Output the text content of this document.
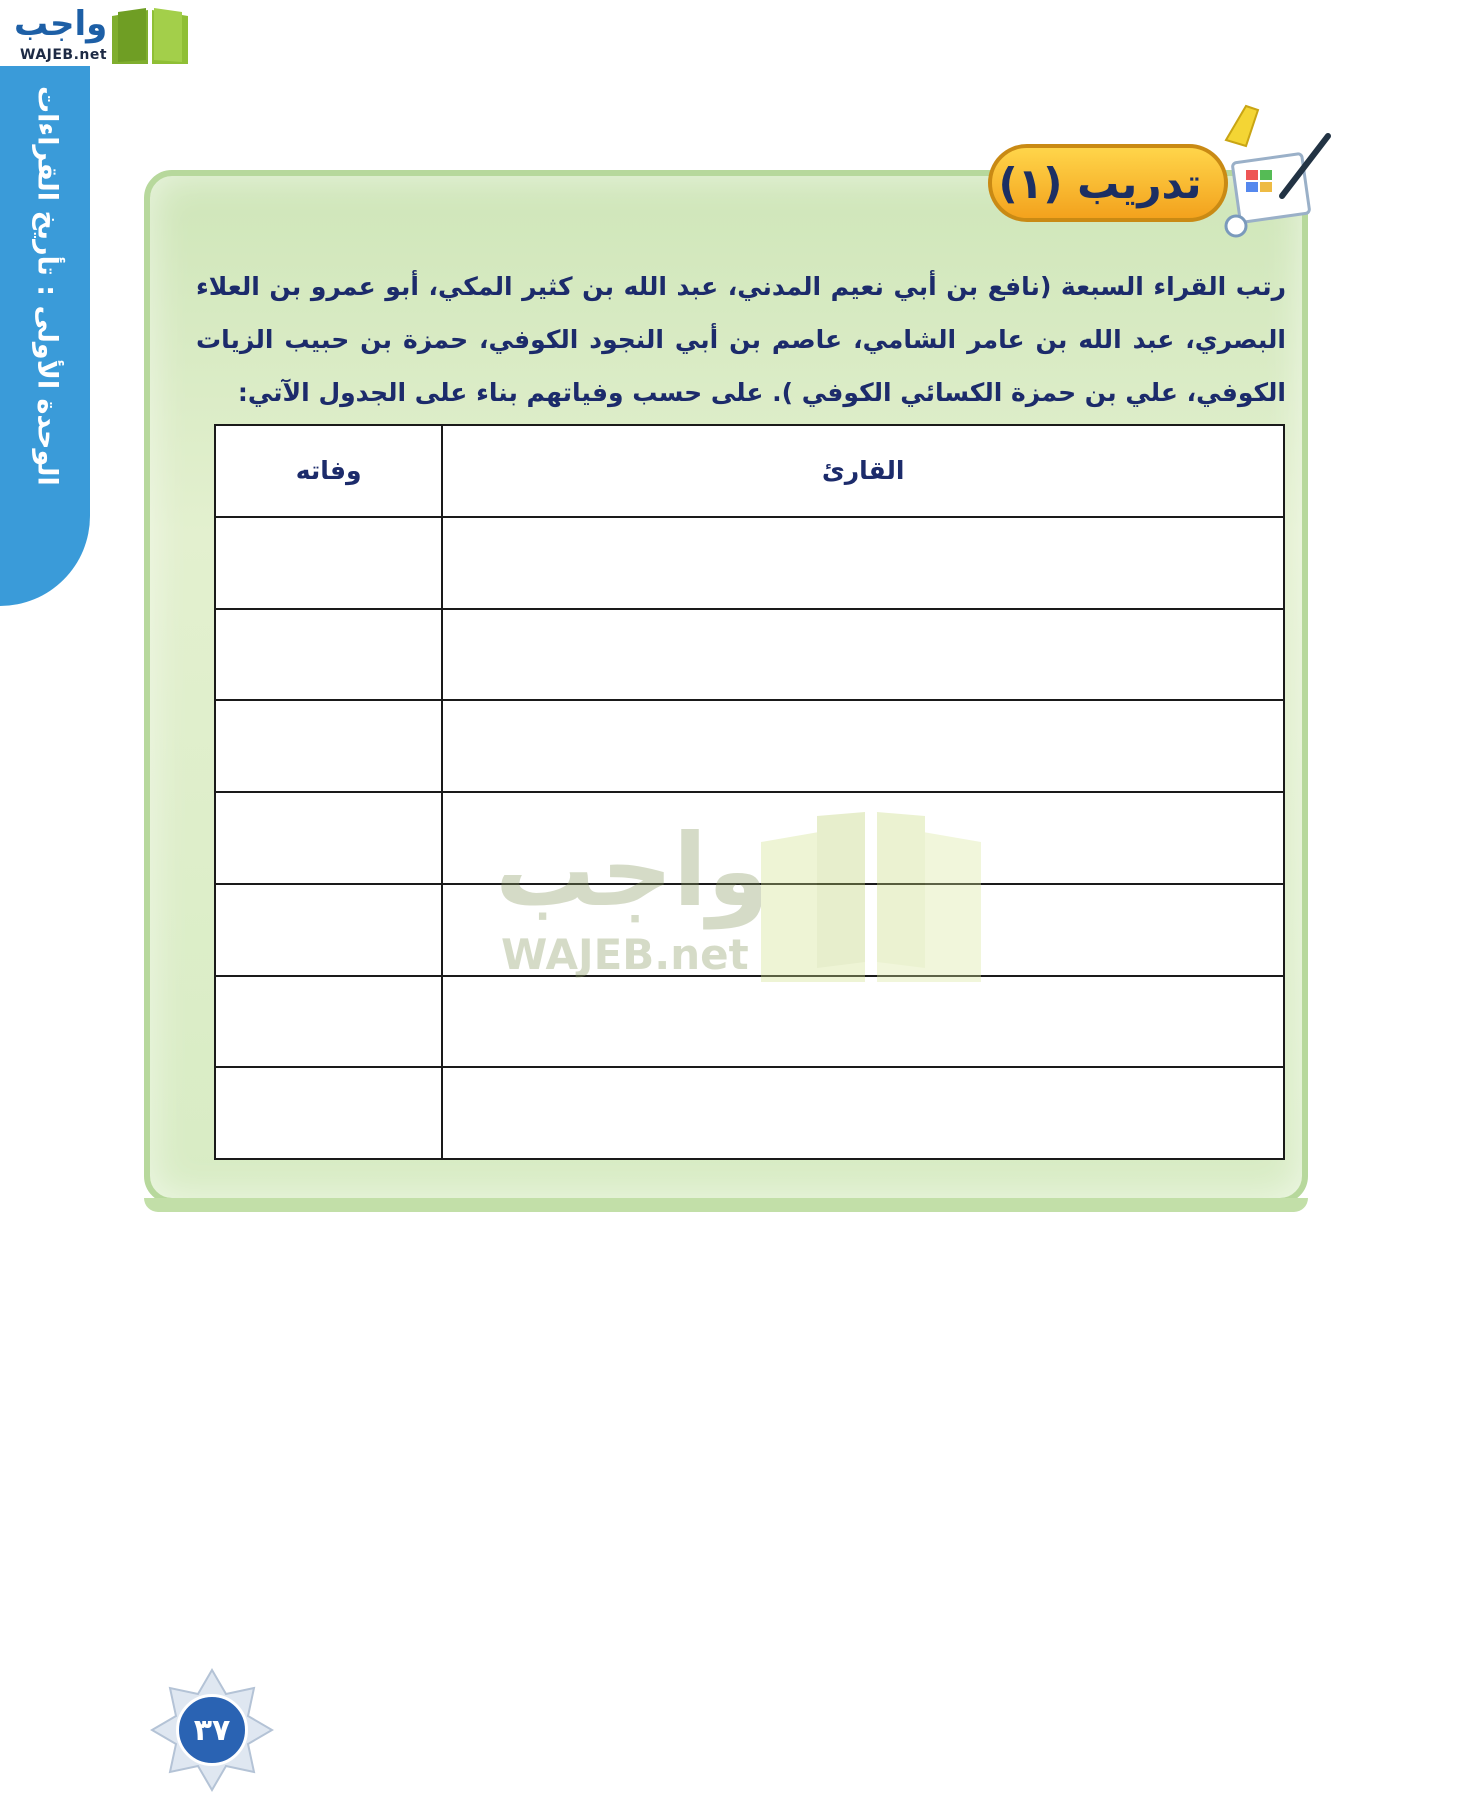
واجب
WAJEB.net
الوحدة الأولى : تأريخ القراءات	تدريب (١)
رتب القراء السبعة (نافع بن أبي نعيم المدني، عبد الله بن كثير المكي، أبو عمرو بن العلاء البصري، عبد الله بن عامر الشامي، عاصم بن أبي النجود الكوفي، حمزة بن حبيب الزيات الكوفي، علي بن حمزة الكسائي الكوفي ). على حسب وفياتهم بناء على الجدول الآتي:
القارئ	وفاته

واجب
WAJEB.net
٣٧
